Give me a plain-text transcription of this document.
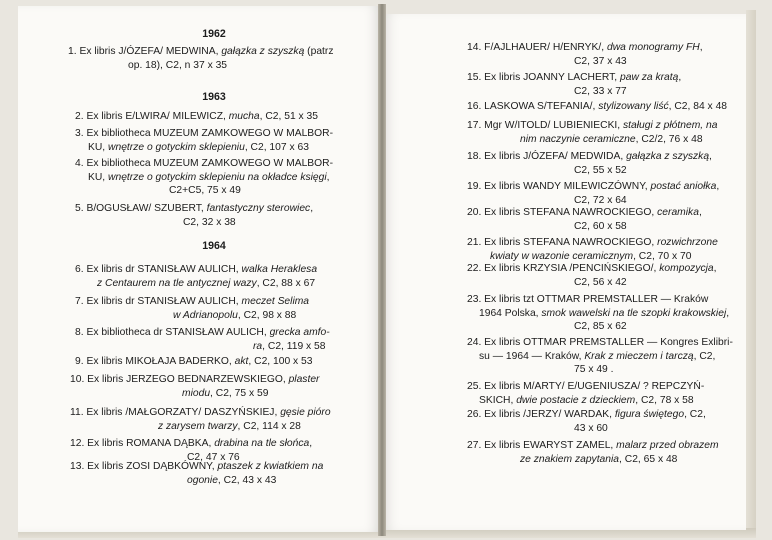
1962
1. Ex libris J/ÓZEFA/ MEDWINA, gałązka z szyszką (patrz
op. 18), C2, n 37 x 35
1963
2. Ex libris E/LWIRA/ MILEWICZ, mucha, C2, 51 x 35
3. Ex bibliotheca MUZEUM ZAMKOWEGO W MALBOR-
KU, wnętrze o gotyckim sklepieniu, C2, 107 x 63
4. Ex bibliotheca MUZEUM ZAMKOWEGO W MALBOR-
KU, wnętrze o gotyckim sklepieniu na okładce księgi,
C2+C5, 75 x 49
5. B/OGUSŁAW/ SZUBERT, fantastyczny sterowiec,
C2, 32 x 38
1964
6. Ex libris dr STANISŁAW AULICH, walka Heraklesa
z Centaurem na tle antycznej wazy, C2, 88 x 67
7. Ex libris dr STANISŁAW AULICH, meczet Selima
w Adrianopolu, C2, 98 x 88
8. Ex bibliotheca dr STANISŁAW AULICH, grecka amfo-
ra, C2, 119 x 58
9. Ex libris MIKOŁAJA BADERKO, akt, C2, 100 x 53
10. Ex libris JERZEGO BEDNARZEWSKIEGO, plaster
miodu, C2, 75 x 59
11. Ex libris /MAŁGORZATY/ DASZYŃSKIEJ, gęsie pióro
z zarysem twarzy, C2, 114 x 28
12. Ex libris ROMANA DĄBKA, drabina na tle słońca,
C2, 47 x 76
13. Ex libris ZOSI DĄBKÓWNY, ptaszek z kwiatkiem na
ogonie, C2, 43 x 43
14. F/AJLHAUER/ H/ENRYK/, dwa monogramy FH,
C2, 37 x 43
15. Ex libris JOANNY LACHERT, paw za kratą,
C2, 33 x 77
16. LASKOWA S/TEFANIA/, stylizowany liść, C2, 84 x 48
17. Mgr W/ITOLD/ LUBIENIECKI, staługi z płótnem, na
nim naczynie ceramiczne, C2/2, 76 x 48
18. Ex libris J/ÓZEFA/ MEDWIDA, gałązka z szyszką,
C2, 55 x 52
19. Ex libris WANDY MILEWICZÓWNY, postać aniołka,
C2, 72 x 64
20. Ex libris STEFANA NAWROCKIEGO, ceramika,
C2, 60 x 58
21. Ex libris STEFANA NAWROCKIEGO, rozwichrzone
kwiaty w wazonie ceramicznym, C2, 70 x 70
22. Ex libris KRZYSIA /PENCIŃSKIEGO/, kompozycja,
C2, 56 x 42
23. Ex libris tzt OTTMAR PREMSTALLER — Kraków
1964 Polska, smok wawelski na tle szopki krakowskiej,
C2, 85 x 62
24. Ex libris OTTMAR PREMSTALLER — Kongres Exlibri-
su — 1964 — Kraków, Krak z mieczem i tarczą, C2,
75 x 49 .
25. Ex libris M/ARTY/ E/UGENIUSZA/ ? REPCZYŃ-
SKICH, dwie postacie z dzieckiem, C2, 78 x 58
26. Ex libris /JERZY/ WARDAK, figura świętego, C2,
43 x 60
27. Ex libris EWARYST ZAMEL, malarz przed obrazem
ze znakiem zapytania, C2, 65 x 48
